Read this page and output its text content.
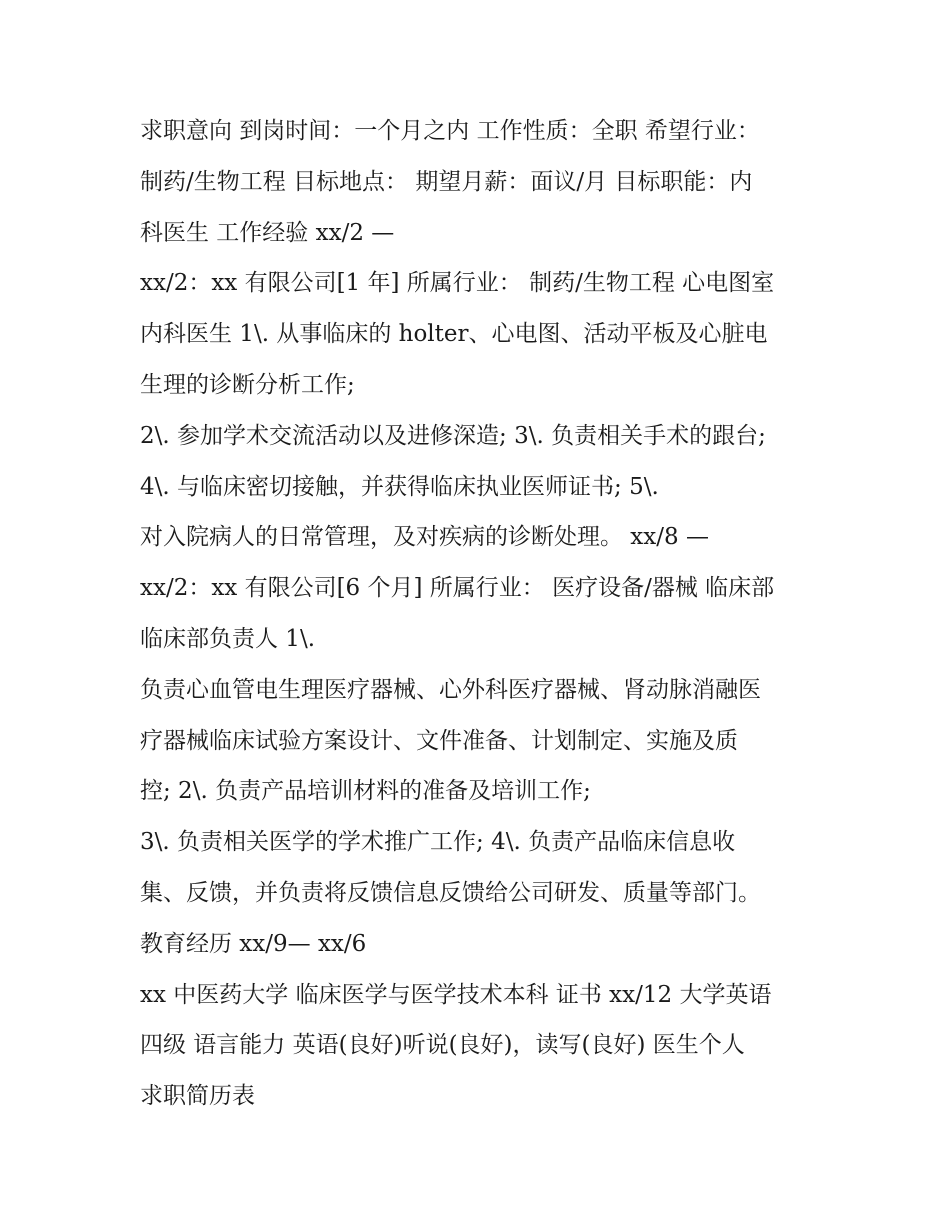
求职意向 到岗时间：一个月之内 工作性质：全职 希望行业：
制药/生物工程 目标地点： 期望月薪：面议/月 目标职能：内
科医生 工作经验 xx/2 —
xx/2：xx 有限公司[1 年] 所属行业： 制药/生物工程 心电图室
内科医生 1\. 从事临床的 holter、心电图、活动平板及心脏电
生理的诊断分析工作;
2\. 参加学术交流活动以及进修深造; 3\. 负责相关手术的跟台;
4\. 与临床密切接触，并获得临床执业医师证书; 5\.
对入院病人的日常管理，及对疾病的诊断处理。 xx/8 —
xx/2：xx 有限公司[6 个月] 所属行业： 医疗设备/器械 临床部
临床部负责人 1\.
负责心血管电生理医疗器械、心外科医疗器械、肾动脉消融医
疗器械临床试验方案设计、文件准备、计划制定、实施及质
控; 2\. 负责产品培训材料的准备及培训工作;
3\. 负责相关医学的学术推广工作; 4\. 负责产品临床信息收
集、反馈，并负责将反馈信息反馈给公司研发、质量等部门。
教育经历 xx/9— xx/6
xx 中医药大学 临床医学与医学技术本科 证书 xx/12 大学英语
四级 语言能力 英语(良好)听说(良好)，读写(良好) 医生个人
求职简历表
